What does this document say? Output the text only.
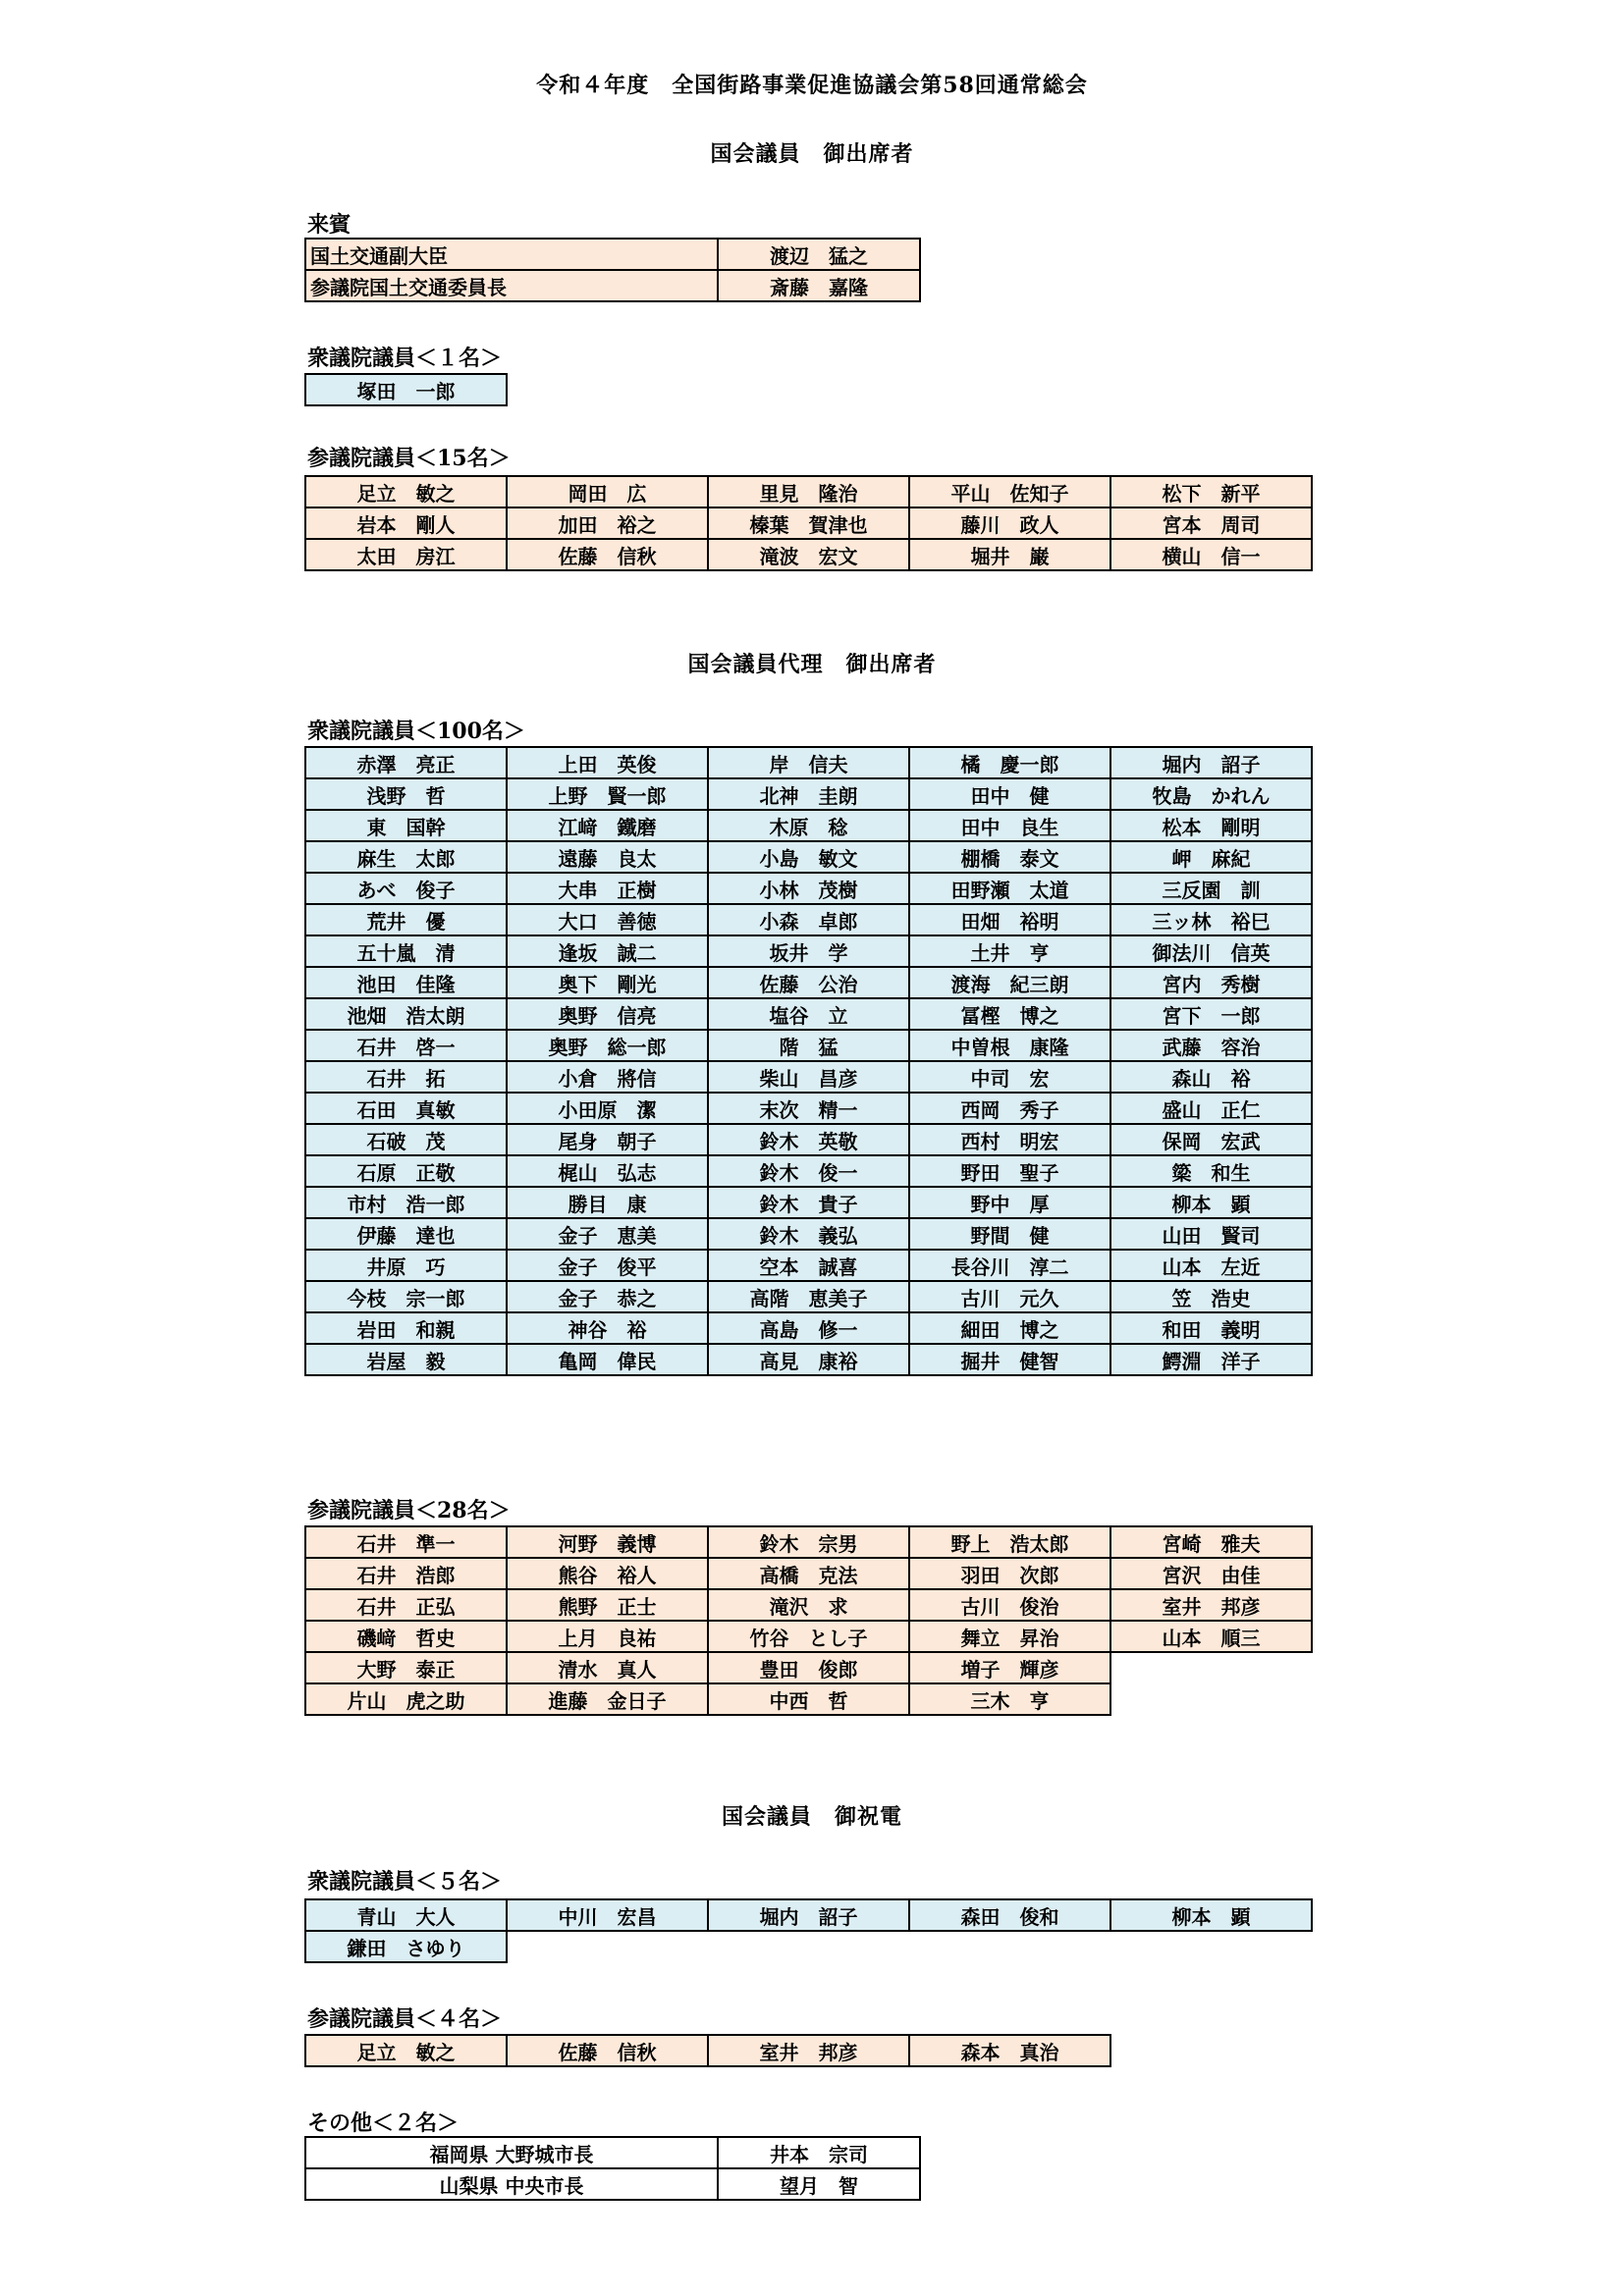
令和４年度　全国街路事業促進協議会第58回通常総会
国会議員　御出席者
来賓
国土交通副大臣	渡辺　猛之
参議院国土交通委員長	斎藤　嘉隆
衆議院議員＜１名＞
塚田　一郎				
参議院議員＜15名＞
足立　敏之	岡田　広	里見　隆治	平山　佐知子	松下　新平
岩本　剛人	加田　裕之	榛葉　賀津也	藤川　政人	宮本　周司
太田　房江	佐藤　信秋	滝波　宏文	堀井　巌	横山　信一
国会議員代理　御出席者
衆議院議員＜100名＞
赤澤　亮正	上田　英俊	岸　信夫	橘　慶一郎	堀内　詔子
浅野　哲	上野　賢一郎	北神　圭朗	田中　健	牧島　かれん
東　国幹	江﨑　鐵磨	木原　稔	田中　良生	松本　剛明
麻生　太郎	遠藤　良太	小島　敏文	棚橋　泰文	岬　麻紀
あべ　俊子	大串　正樹	小林　茂樹	田野瀬　太道	三反園　訓
荒井　優	大口　善徳	小森　卓郎	田畑　裕明	三ッ林　裕巳
五十嵐　清	逢坂　誠二	坂井　学	土井　亨	御法川　信英
池田　佳隆	奥下　剛光	佐藤　公治	渡海　紀三朗	宮内　秀樹
池畑　浩太朗	奥野　信亮	塩谷　立	冨樫　博之	宮下　一郎
石井　啓一	奥野　総一郎	階　猛	中曽根　康隆	武藤　容治
石井　拓	小倉　將信	柴山　昌彦	中司　宏	森山　裕
石田　真敏	小田原　潔	末次　精一	西岡　秀子	盛山　正仁
石破　茂	尾身　朝子	鈴木　英敬	西村　明宏	保岡　宏武
石原　正敬	梶山　弘志	鈴木　俊一	野田　聖子	簗　和生
市村　浩一郎	勝目　康	鈴木　貴子	野中　厚	柳本　顕
伊藤　達也	金子　恵美	鈴木　義弘	野間　健	山田　賢司
井原　巧	金子　俊平	空本　誠喜	長谷川　淳二	山本　左近
今枝　宗一郎	金子　恭之	高階　恵美子	古川　元久	笠　浩史
岩田　和親	神谷　裕	高島　修一	細田　博之	和田　義明
岩屋　毅	亀岡　偉民	高見　康裕	掘井　健智	鰐淵　洋子
参議院議員＜28名＞
石井　準一	河野　義博	鈴木　宗男	野上　浩太郎	宮崎　雅夫
石井　浩郎	熊谷　裕人	高橋　克法	羽田　次郎	宮沢　由佳
石井　正弘	熊野　正士	滝沢　求	古川　俊治	室井　邦彦
磯﨑　哲史	上月　良祐	竹谷　とし子	舞立　昇治	山本　順三
大野　泰正	清水　真人	豊田　俊郎	増子　輝彦	
片山　虎之助	進藤　金日子	中西　哲	三木　亨	
国会議員　御祝電
衆議院議員＜５名＞
青山　大人	中川　宏昌	堀内　詔子	森田　俊和	柳本　顕
鎌田　さゆり				
参議院議員＜４名＞
足立　敏之	佐藤　信秋	室井　邦彦	森本　真治	
その他＜２名＞
福岡県 大野城市長	井本　宗司
山梨県 中央市長	望月　智
